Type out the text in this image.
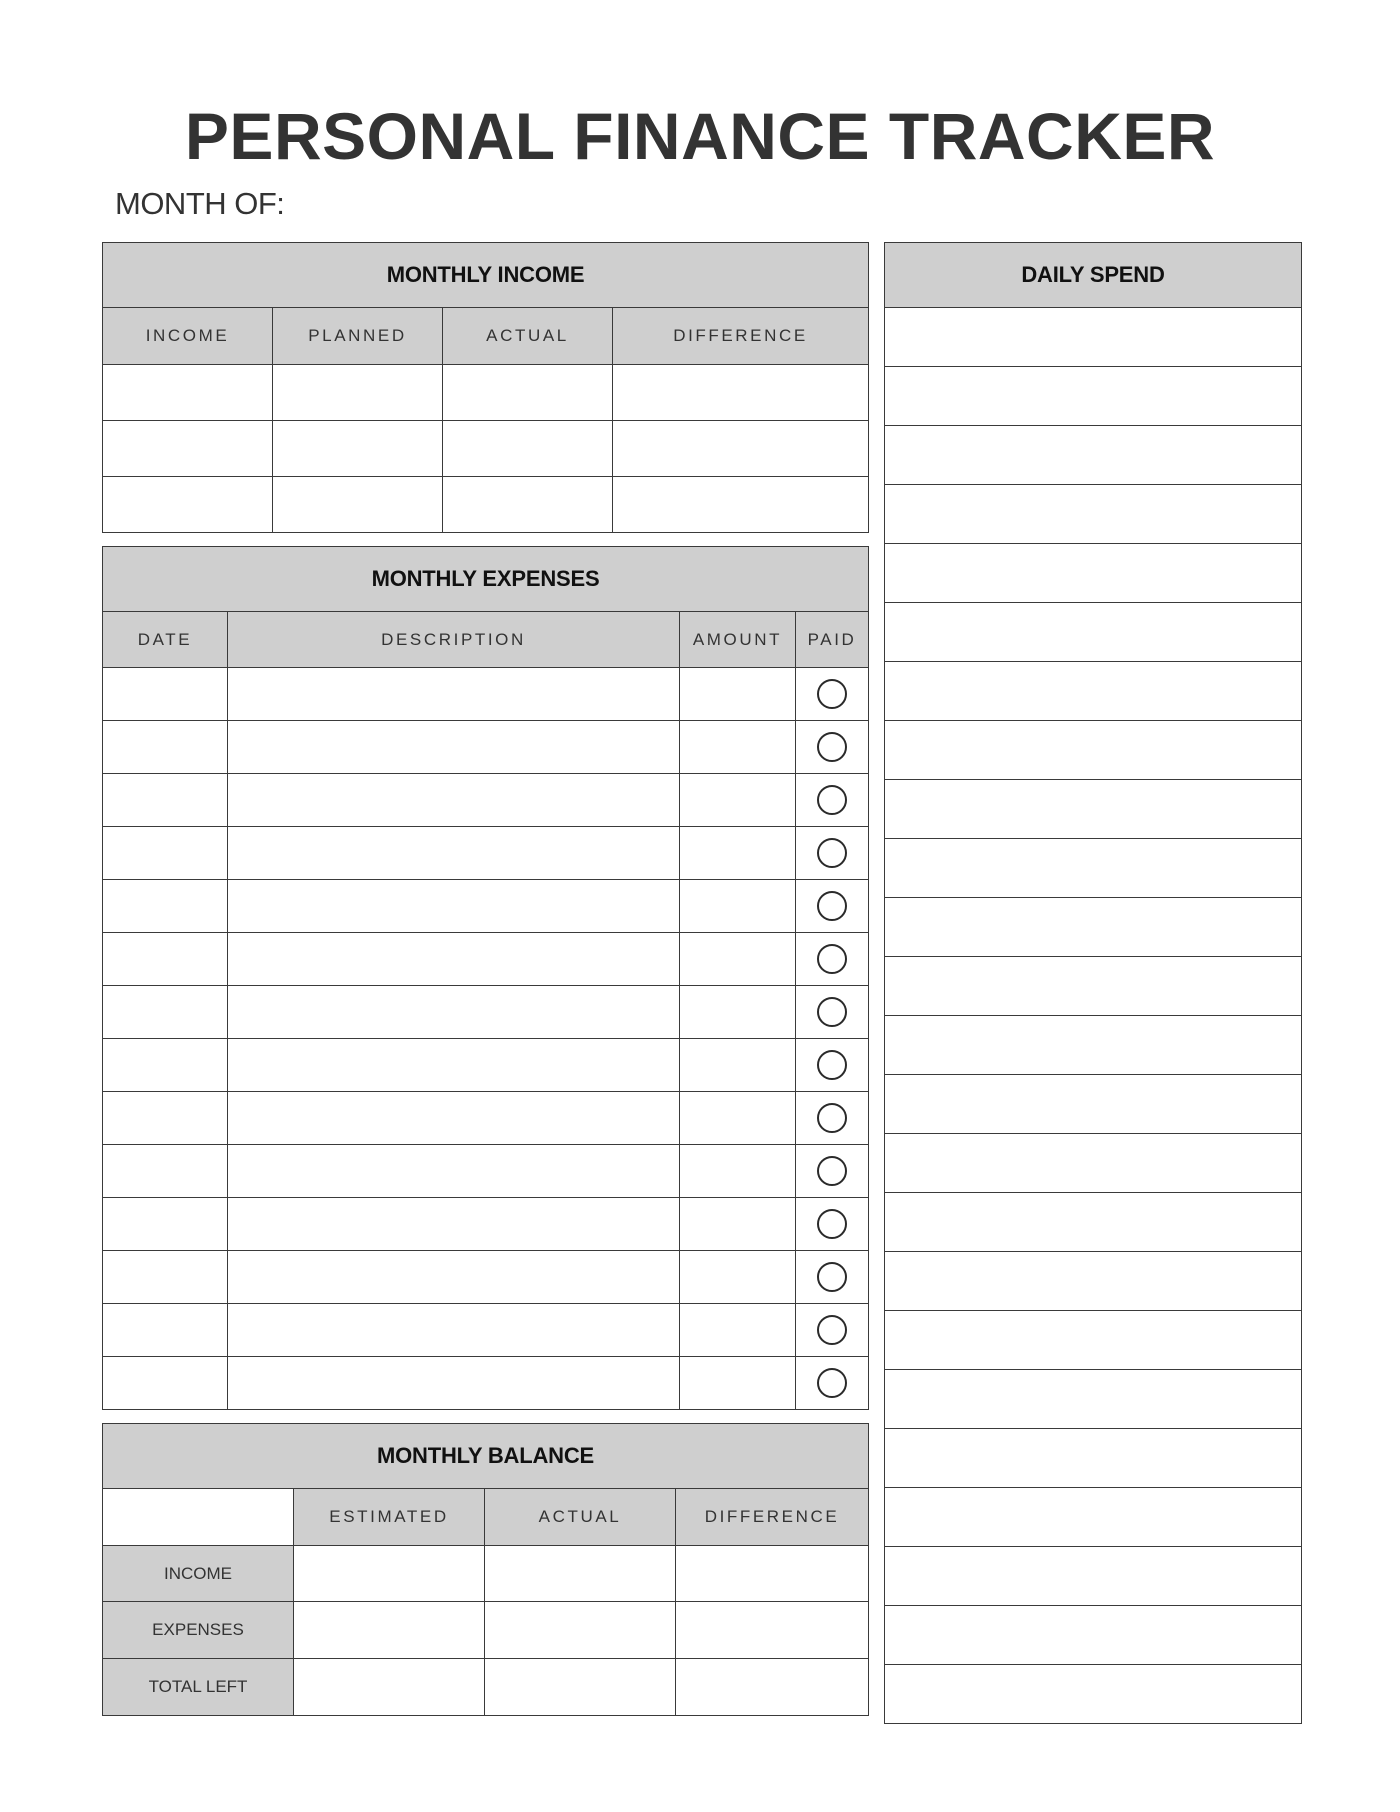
PERSONAL FINANCE TRACKER
MONTH OF:
MONTHLY INCOME			
INCOME	PLANNED	ACTUAL	DIFFERENCE

MONTHLY EXPENSES			
DATE	DESCRIPTION	AMOUNT	PAID

MONTHLY BALANCE			
	ESTIMATED	ACTUAL	DIFFERENCE
INCOME			
EXPENSES			
TOTAL LEFT			
DAILY SPEND
